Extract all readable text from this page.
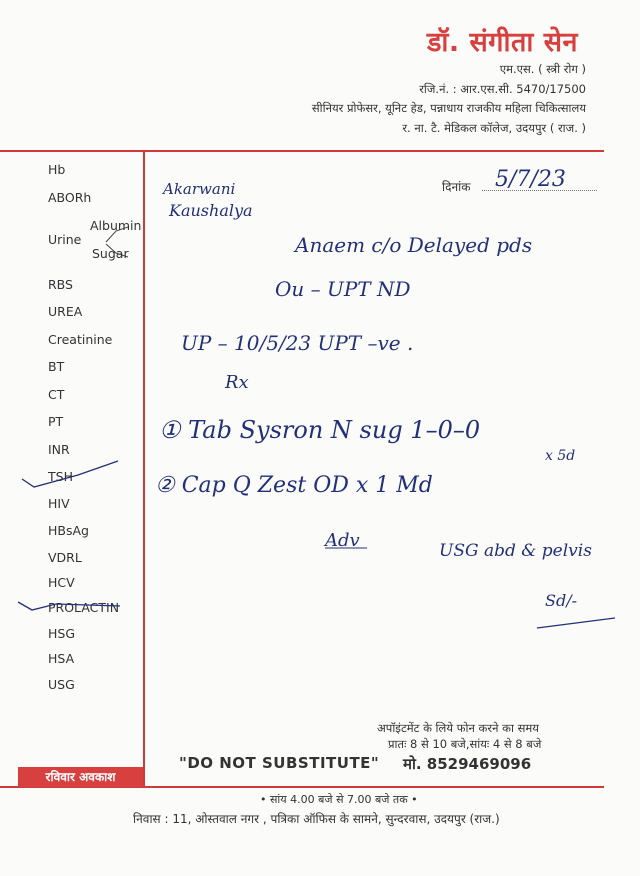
डॉ. संगीता सेन
एम.एस. ( स्त्री रोग )
रजि.नं. : आर.एस.सी. 5470/17500
सीनियर प्रोफेसर, यूनिट हेड, पन्नाधाय राजकीय महिला चिकित्सालय
र. ना. टै. मेडिकल कॉलेज, उदयपुर ( राज. )
Hb
ABORh
Urine
Albumin
Sugar
RBS
UREA
Creatinine
BT
CT
PT
INR
TSH
HIV
HBsAg
VDRL
HCV
PROLACTIN
HSG
HSA
USG
दिनांक 5/7/23
Akarwani
Kaushalya
Anaem c/o Delayed pds
Ou – UPT ND
UP – 10/5/23 UPT –ve .
Rx
① Tab Sysron N sug 1–0–0
x 5d
② Cap Q Zest OD x 1 Md
Adv	USG abd & pelvis
Sd/-
अपॉइंटमेंट के लिये फोन करने का समय
प्रातः 8 से 10 बजे,सांयः 4 से 8 बजे
"DO NOT SUBSTITUTE" मो. 8529469096
रविवार अवकाश
• सांय 4.00 बजे से 7.00 बजे तक •
निवास : 11, ओस्तवाल नगर , पत्रिका ऑफिस के सामने, सुन्दरवास, उदयपुर (राज.)
